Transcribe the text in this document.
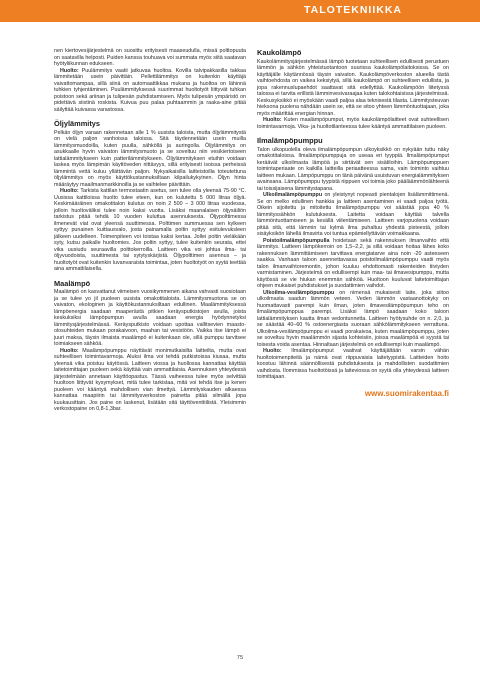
TALOTEKNIIKKA

nen kiertovesijärjestelmä on suosittu erityisesti maaseudulla, missä polttopuuta on saatavilla helposti. Puiden kanssa touhuava voi summata myös siitä saatavan hyötyliikunnan edukseen.

Huolto: Puulämmitys vaatii jatkuvaa huoltoa. Kovilla talvipakkasilla takkaa lämmitetään usein päivittäin. Pellettilämmitys on kuitenkin käyttäjä vaivattomampaa, sillä siinä on automaattikkaa mukana ja huoltoa on lähinnä tuhkien tyhjentäminen. Puulämmityksessä suurimmat huoltotyöt liittyvät tuhkan poistoon sekä ariinan ja tulipesän puhdistamiseen. Myös tulipesän ympäristö on pidettävä siistinä roskista. Kuivua puu palaa puhtaammin ja raaka-aine pitää säilyttää kuivassa varastossa.

Öljylämmitys

Pelkän öljyn varaan rakennetaan alle 1 % uusista taloista, mutta öljylämmitystä on vielä paljon vanhoissa taloissa. Sitä täydennetään usein muilla lämmitysmuodoilla, kuten puulla, sähköllä ja auringolla. Öljylämmitys on asukkaalle hyvin vaivaton lämmitysmuoto ja se soveltuu niin vesikiertoiseen lattialämmitykseen kuin patterilämmitykseen. Öljylämmityksen etuihin voidaan laskea myös lämpimän käyttöveden riittävyys, sillä erityisesti isoissa perheissä lämmintä vettä kuluu yllättävän paljon. Nykyaikaisilla laitteistoilla toteutettuna öljylämmitys on myös käyttökustannuksiltaan kilpailukykyinen. Öljyn hinta määräytyy maailmanmarkkinoilla ja se vaihtelee päivittäin.

Huolto: Tarkista kattilan termostaatin asetus, sen tulee olla yleensä 75-90 °C. Uusissa kattiloissa huolto tulee eteen, kun on kulutettu 5 000 litraa öljyä. Keskimääräinen omakotitalon kulutus on noin 2 500 – 3 000 litraa vuodessa, jolloin huoltoväliksi tulee noin kaksi vuotta. Lisäksi maanalaisen öljysäiliön tarkistus pitää tehdä 10 vuoden kuluttua asennuksesta. Öljypolttimessa ilmenevät viat ovat yleensä suuttimessa. Polttimen summuessa sen kylkeen syttyy punainen kuittausvalo, josta painamalla poltin syttyy esitulevuksleen jälkeen uudelleen. Toimenpiteen voi toistaa kaksi kertaa. Jollei poltin vieläkään syty, kutsu paikalle huoltomies. Jos poltin syttyy, tulee kuitenkin seurata, ettei vika uusiudu seuraavilla polttokerroilla. Laitteen vika voi johtua ilma- tai öljyvuodoista, suuttimesta tai sytytyskärjistä. Öljypolttimen asennus – ja huoltotyöt ovat kuitenkin luvanvaraista toimintaa, joten huoltotyöt on syytä teettää aina ammattilaisella.

Maalämpö

Maalämpö on kasvattanut viimeisen vuosikymmenen aikana vahvasti suosiotaan ja se tulee yo jil puoleen uusista omakotitaloista. Lämmitysmuotona se on vaivaton, ekologinen ja käyttökustannuksiltaan edullinen. Maalämmityksessä lämpöenergia saadaan maaperästä pitkien keräysputkistojen avulla, joista keskuksiksi lämpöpumpun avulla saadaan energia hyödynnetyksi lämmitysjärjestelmässä. Keräysputkisto voidaan upottaa vallitsevien maasto-olosuhteiden mukaan porakaivoon, maahan tai vesistöön. Vaikka itse lämpö ei juuri maksa, täysin ilmaista maalämpö ei kuitenkaan ole, sillä pumppu tarvitsee toimiakseen sähköä.

Huolto: Maalämpöpumppu näyttävät monimutkaisilta laitteilta, mutta ovat suhteellisen toimintavarmoja. Aluksi ilma voi tehdä putkistoissa kiusaa, mutta yleensä vika poistuu käytössä. Laitteen viossa ja huollossa kannattaa käyttää laitetoimittajan puoleen sekä käyttää vain ammattilaisia. Asennuksen yhteydessä järjestelmään annetaan käyttöopastus. Tässä vaiheessa tulee myös selvittää huoltoon liittyvät kysymykset, mitä tulee tarkistaa, mitä voi tehdä itse ja kenen puoleen voi kääntyä mahdollisen vian ilmettyä. Lämmityskauden alkaessa kannattaa maapiirin tai lämmitysverkoston painetta pitää silmällä jopa kuukausittain. Jos paine on laskenut, lisätään sitä täyttöventtiilistä. Yleisimmin verkostopaine on 0,8-1,3bar.

Kaukolämpö

Kaukolämmitysjärjestelmässä lämpö tuotetaan suhteellisen edullisesti perustuen lämmön ja sähkön yhteistuotantoon suurissa kaukolämpölaitoksissa. Se on käyttäjälle käytännössä täysin vaivaton. Kaukolämpöverkoston alueella tästä vaihtoehdosta on vaikea keksiytyä, sillä kaukolämpö on suhteellisen edullista, ja jopa rakennuslupaehdot saattavat sitä edellyttää. Kaukolämpöön liitetyssä talossa ei tarvita erillistä lämminvesivaraajaa kuten talokohtaisissa järjestelmissä. Keskusyksikkö ei myöskään vaadi paljoa alaa teknisestä tilasta. Lämmitysteuvan hieksona puolena nähdään usein se, että se sitoo yhteen lämmöntuottajaan, joka myös määrittää energian hinnan.

Huolto: Kuten maalämpöpumput, myös kaukolämpölaitteet ovat suhteellisen toimintavarmoja. Vika- ja huoltotilanteessa tulee kääntyä ammattilaisen puoleen.

Ilmalämpöpumppu

Talon ulkopuolella oleva ilmalämpöpumpun ulkoyksikkö on nykyään tuttu näky omakotitaloissa. Ilmalämpöpumppuja on useaa eri tyyppiä. Ilmalämpöpumput keräävät ulkoilmasta lämpöä ja siirtävät sen sisätiloihin. Lämpöpumppuen toimintaperiaate on kaikilla laitteilla periaatteessa sama, vain toiminto vaihtuu laitteen mukaan. Lämpöpumppu on tänä päivänä usuistuvan energialämmityksen avainsana. Lämpöpumppu tyypistä riippuen voi toimia joko pääläämmönlähteenä tai toissijaisena lämmitystapana.

Ulkoilmalämpöpumppu on yleistynyt nopeasti pientalojen lisälämmittimenä. Se on melko edullinen hankkia ja laitteen asentaminen ei vaadi paljoa työtä. Oikein sijoitettu ja mitoitettu ilmalämpöpumppu voi säästää jopa 40 % lämmityssähkön kulutuksesta. Laitetta voidaan käyttää talvella lämmöntuottamiseen ja kesällä viilentämiseen. Laitteen varjopuolena voidaan pitää sitä, että lämmin tai kylmä ilma puhaltuu yhdestä pisteestä, jolloin sisäyksikön lähellä ilmavirta voi tuntua epämiellyttävän voimakkaana.

Poistoilmalämpöpumpulla hoidetaan sekä rakennuksen ilmanvaihto että lämmitys. Laitteen lämpökerroin on 1,5–2,2, ja sillä voidaan hoitaa lähes koko rakennuksen lämmittämiseen tarvittava energiatarve aina noin -20 asteeseen saakka. Vanhaan taloon asennettavassa poistoilmalämpöpumppu vaatii myös talon ilmanvaihtoremontin, johon kuuluu ehdottomasti rakenteiden tiiviyden varmistaminen. Järjestelmä on edullisempi kuin maa- tai ilmavesipumppu, mutta käytössä se vie hiukan enemmän sähköä. Huoltoon kuuluvat laitetoimittajan ohjeen mukaiset puhdistukset ja suodattimien vaihdot.

Ulkoilma-vesilämpöpumppu on nimensä mukaisesti laite, joka siitoo ulkoilmasta saadun lämmön veteen. Veden lämmön vastaanottokyky on huomattavasti parempi kuin ilman, joten ilmavesilämpöpumpun teho on ilmalämpöpumppua parempi. Lisäksi lämpö saadaan koko taloon lattialämmityksen kautta ilman vedontunnetta. Laitteen hyötysuhde on n. 2,0, ja se säästää 40–60 % ostoenergiasta suoraan sähkölämmitykseen verrattuna. Ulkoilma-vesilämpöpumppu ei vaadi porakaivoa, kuten maalämpöpumppu, joten se soveltuu hyvin maalämmön sijasta kohteisiin, joissa maalämpöä ei syystä tai toisesta voida asentaa. Hinnaltaan järjestelmä on edullisempi kuin maalämpö.

Huolto: Ilmalämpöpumput vaativat käyttäjältään varsin vähän huoltotoimenpiteitä ja nämä ovat riippuvaisia laitetyypistä. Laitteiden hoito koostuu lähinnä säännöllisestä puhdistuksesta ja mahdollisten suodattimien vaihdosta. Ilommissa huoltotöissä ja laiteviossa on syytä olla yhteydessä laitteen toimittajaan.

www.suomirakentaa.fi
75
